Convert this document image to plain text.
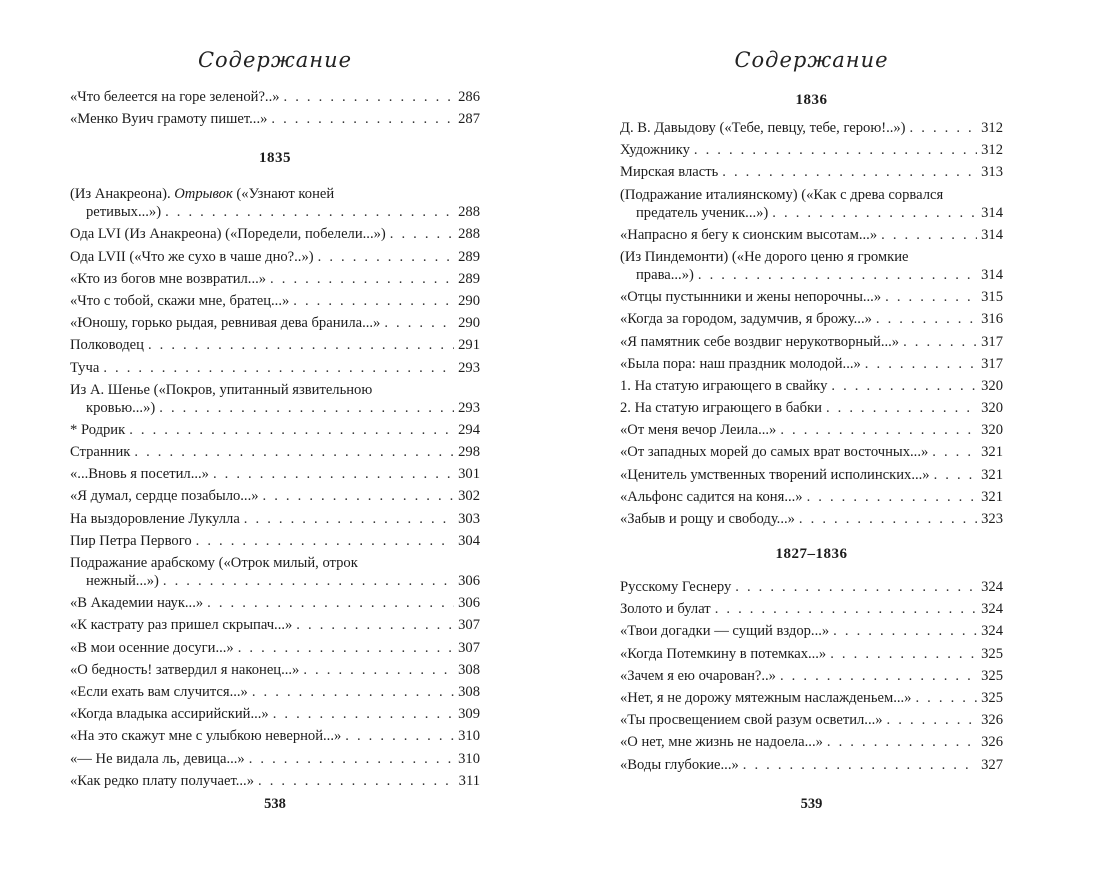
Содержание
«Что белеется на горе зеленой?..» . . .	286
«Менко Вуич грамоту пишет...» . . .	287
1835
(Из Анакреона). Отрывок («Узнают коней
ретивых...») . . .	288
Ода LVI (Из Анакреона) («Поредели, побелели...») . . .	288
Ода LVII («Что же сухо в чаше дно?..») . . .	289
«Кто из богов мне возвратил...» . . .	289
«Что с тобой, скажи мне, братец...» . . .	290
«Юношу, горько рыдая, ревнивая дева бранила...» . . .	290
Полководец . . .	291
Туча . . .	293
Из А. Шенье («Покров, упитанный язвительною
кровью...») . . .	293
* Родрик . . .	294
Странник . . .	298
«...Вновь я посетил...» . . .	301
«Я думал, сердце позабыло...» . . .	302
На выздоровление Лукулла . . .	303
Пир Петра Первого . . .	304
Подражание арабскому («Отрок милый, отрок
нежный...») . . .	306
«В Академии наук...» . . .	306
«К кастрату раз пришел скрыпач...» . . .	307
«В мои осенние досуги...» . . .	307
«О бедность! затвердил я наконец...» . . .	308
«Если ехать вам случится...» . . .	308
«Когда владыка ассирийский...» . . .	309
«На это скажут мне с улыбкою неверной...» . . .	310
«— Не видала ль, девица...» . . .	310
«Как редко плату получает...» . . .	311
538
Содержание
1836
Д. В. Давыдову («Тебе, певцу, тебе, герою!..») . . .	312
Художнику . . .	312
Мирская власть . . .	313
(Подражание италиянскому) («Как с древа сорвался
предатель ученик...») . . .	314
«Напрасно я бегу к сионским высотам...» . . .	314
(Из Пиндемонти) («Не дорого ценю я громкие
права...») . . .	314
«Отцы пустынники и жены непорочны...» . . .	315
«Когда за городом, задумчив, я брожу...» . . .	316
«Я памятник себе воздвиг нерукотворный...» . . .	317
«Была пора: наш праздник молодой...» . . .	317
1. На статую играющего в свайку . . .	320
2. На статую играющего в бабки . . .	320
«От меня вечор Леила...» . . .	320
«От западных морей до самых врат восточных...» . . .	321
«Ценитель умственных творений исполинских...» . . .	321
«Альфонс садится на коня...» . . .	321
«Забыв и рощу и свободу...» . . .	323
1827–1836
Русскому Геснеру . . .	324
Золото и булат . . .	324
«Твои догадки — сущий вздор...» . . .	324
«Когда Потемкину в потемках...» . . .	325
«Зачем я ею очарован?..» . . .	325
«Нет, я не дорожу мятежным наслажденьем...» . . .	325
«Ты просвещением свой разум осветил...» . . .	326
«О нет, мне жизнь не надоела...» . . .	326
«Воды глубокие...» . . .	327
539
